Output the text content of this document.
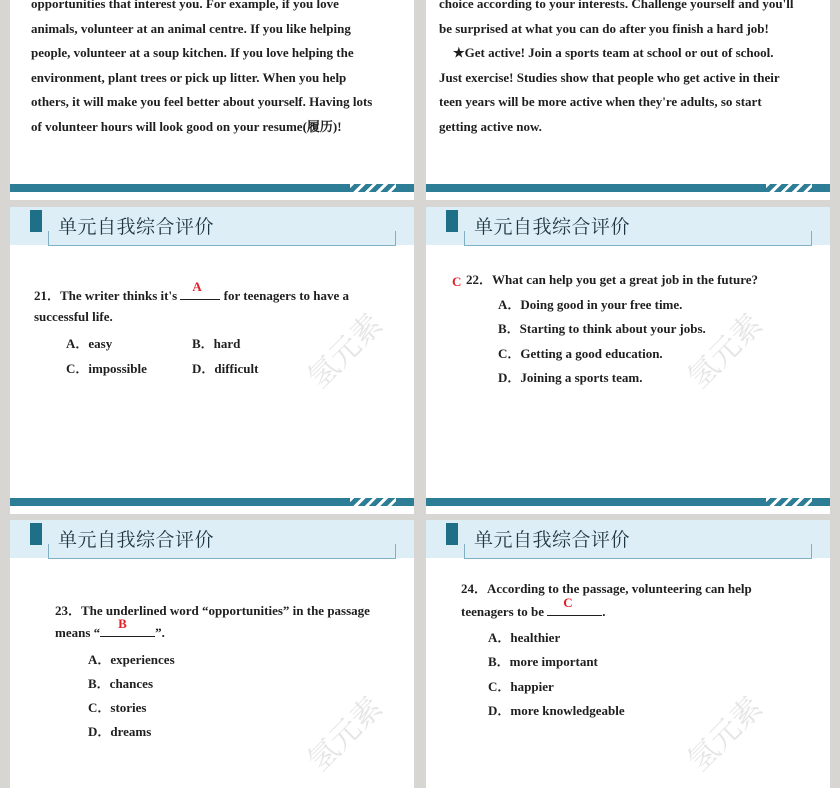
opportunities that interest you. For example, if you love

animals, volunteer at an animal centre. If you like helping

people, volunteer at a soup kitchen. If you love helping the

environment, plant trees or pick up litter. When you help

others, it will make you feel better about yourself. Having lots

of volunteer hours will look good on your resume(履历)!

choice according to your interests. Challenge yourself and you'll

be surprised at what you can do after you finish a hard job!

★Get active! Join a sports team at school or out of school.

Just exercise! Studies show that people who get active in their

teen years will be more active when they're adults, so start

getting active now.

单元自我综合评价
氢元素
21．The writer thinks it's
A
for teenagers to have a
successful life.
A．easy	B．hard
C．impossible	D．difficult
单元自我综合评价
氢元素
C 22．What can help you get a great job in the future?
A．Doing good in your free time.
B．Starting to think about your jobs.
C．Getting a good education.
D．Joining a sports team.
单元自我综合评价
氢元素
23．The underlined word “opportunities” in the passage
means “
B
”.
A．experiences
B．chances
C．stories
D．dreams
单元自我综合评价
氢元素
24．According to the passage, volunteering can help
teenagers to be
C
.
A．healthier
B．more important
C．happier
D．more knowledgeable
